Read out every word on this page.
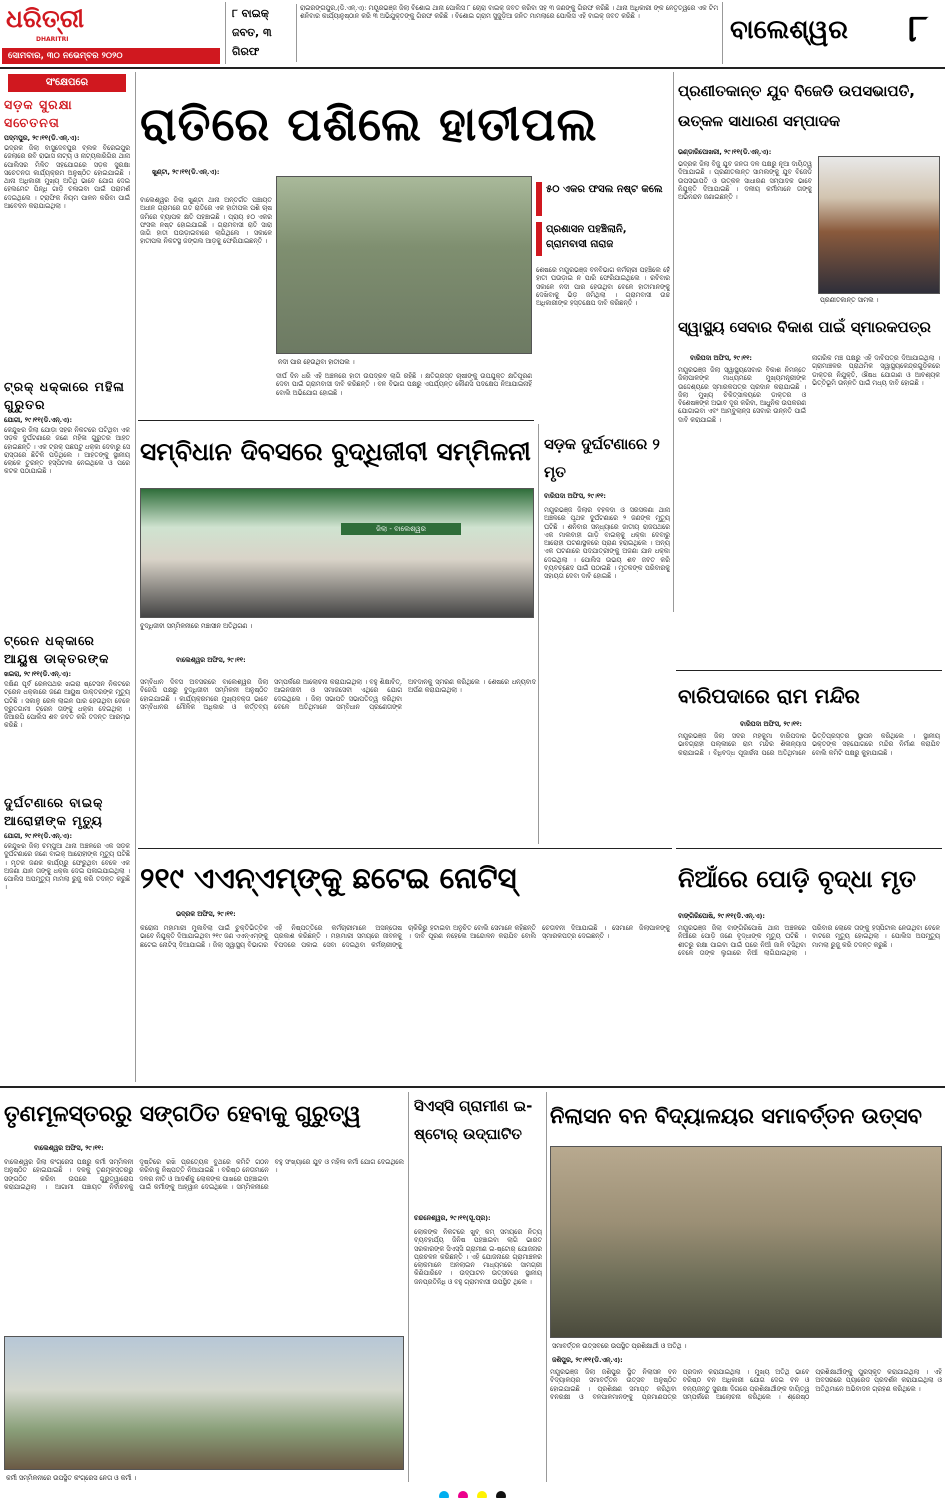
ଧରିତ୍ରୀ
DHARITRI
ସୋମବାର, ୩୦ ନଭେମ୍ବର ୨୦୨୦
୮ ବାଇକ୍ ଜବତ, ୩ ଗିରଫ
ରାଇରଙ୍ଗପୁର,(ଡି.ଏନ୍.ଏ): ମୟୂରଭଞ୍ଜ ଜିଲା ବିଶୋଇ ଥାନା ପୋଲିସ ୮ ଚୋରା ବାଇକ୍ ଜବତ କରିବା ସହ ୩ ଜଣଙ୍କୁ ଗିରଫ କରିଛି । ଥାନା ଅଧିକାରୀ ଙ୍କ ନେତୃତ୍ୱରେ ଏକ ଟିମ ଶନିବାର କାର୍ଯ୍ୟାନୁଷ୍ଠାନ କରି ୩ ଅଭିଯୁକ୍ତଙ୍କୁ ଗିରଫ କରିଛି । ବିଶୋଇ ଗ୍ରାମ ସୁଜୁଡ଼ିଆ ଜନିତ ମାମଲାରେ ପୋଲିସ ଏହି ବାଇକ୍ ଜବତ କରିଛି ।	ବାଲେଶ୍ୱର	୮
ସଂକ୍ଷେପରେ
ସଡ଼କ ସୁରକ୍ଷା ସଚେତନତା
ପଦ୍ମପୁର, ୨୯।୧୧(ଡି.ଏନ୍.ଏ):
ଭଦ୍ରକ ଜିଲା ବାସୁଦେବପୁର ବ୍ଲକ ବିରେଇପୁର ଜେଲାରେ ରବି ରାଭାସ ନାଟ୍ୟ ଓ ନାଟ୍ୟକାରିଗିର ଥାନା ପୋଲିସର ମିଳିତ ସହଯୋଗରେ ସଡ଼କ ସୁରକ୍ଷା ସଚେତନତା କାର୍ଯ୍ୟକ୍ରମ ଅନୁଷ୍ଠିତ ହୋଇଯାଇଛି । ଥାନା ଅଧିକାରୀ ମୁଖ୍ୟ ଅତିଥି ଭାବେ ଯୋଗ ଦେଇ ହେଲମେଟ ପିନ୍ଧି ଗାଡ଼ି ଚଳାଇବା ପାଇଁ ପରାମର୍ଶ ଦେଇଥିଲେ । ଟ୍ରାଫିକ ନିୟମ ପାଳନ କରିବା ପାଇଁ ଆବେଦନ କରାଯାଇଥିଲା ।
ଟ୍ରକ୍ ଧକ୍କାରେ ମହିଳା ଗୁରୁତର
ଯୋଗୀ, ୨୯।୧୧(ଡି.ଏନ୍.ଏ):
କେନ୍ଦୁଝର ଜିଲା ଯୋଡ଼ା ସହର ନିକଟରେ ଘଟିଥିବା ଏକ ସଡ଼କ ଦୁର୍ଘଟଣାରେ ଜଣେ ମହିଳା ଗୁରୁତର ଆହତ ହୋଇଛନ୍ତି । ଏକ ଟ୍ରକ୍ ପଛପଟୁ ଧକ୍କା ଦେବାରୁ ସେ ରାସ୍ତାରେ ଛିଟିକି ପଡ଼ିଥିଲେ । ଆହତଙ୍କୁ ସ୍ଥାନୀୟ ଲୋକେ ତୁରନ୍ତ ହସ୍ପିଟାଲ ନେଇଥିଲେ ଓ ପରେ କଟକ ପଠାଯାଇଛି ।
ଟ୍ରେନ ଧକ୍କାରେ ଆୟୁଷ ଡାକ୍ତରଙ୍କ
ଖଇରା, ୨୯।୧୧(ଡି.ଏନ୍.ଏ):
ଦକ୍ଷିଣ ପୂର୍ବ ରେଳପଥର ଖଇରା ଷ୍ଟେସନ ନିକଟରେ ଟ୍ରେନ ଧକ୍କାରେ ଜଣେ ଆୟୁଷ ଡାକ୍ତରଙ୍କ ମୃତ୍ୟୁ ଘଟିଛି । ସକାଳୁ ରେଳ ଲାଇନ ପାର ହେଉଥିବା ବେଳେ ଦ୍ରୁତଗାମୀ ଟ୍ରେନ ତାଙ୍କୁ ଧକ୍କା ଦେଇଥିଲା । ଜିଆରପି ପୋଲିସ ଶବ ଜବତ କରି ତଦନ୍ତ ଆରମ୍ଭ କରିଛି ।
ଦୁର୍ଘଟଣାରେ ବାଇକ୍ ଆରୋହୀଙ୍କ ମୃତ୍ୟୁ
ଯୋଗୀ, ୨୯।୧୧(ଡି.ଏନ୍.ଏ):
କେନ୍ଦୁଝର ଜିଲା ଚମ୍ପୁଆ ଥାନା ଅଞ୍ଚଳରେ ଏକ ସଡ଼କ ଦୁର୍ଘଟଣାରେ ଜଣେ ବାଇକ୍ ଆରୋହୀଙ୍କ ମୃତ୍ୟୁ ଘଟିଛି । ମୃତକ ଜଣକ କାର୍ଯ୍ୟରୁ ଫେରୁଥିବା ବେଳେ ଏକ ଅଜଣା ଯାନ ତାଙ୍କୁ ଧକ୍କା ଦେଇ ପଳାଇଯାଇଥିଲା । ପୋଲିସ ଅପମୃତ୍ୟୁ ମାମଲା ରୁଜୁ କରି ତଦନ୍ତ କରୁଛି ।
ରାତିରେ ପଶିଲେ ହାତୀପଲ
ଖୁଣ୍ଟା, ୨୯।୧୧(ଡି.ଏନ୍.ଏ):
ନଦୀ ପାର ହେଉଥିବା ହାତୀପଲ ।
ବାଲେଶ୍ୱର ଜିଲା ଖୁଣ୍ଟା ଥାନା ଅନ୍ତର୍ଗତ ପଞ୍ଚାୟତ ଅଧୀନ ଗ୍ରାମରେ ଗତ ରାତିରେ ଏକ ହାତୀପଲ ପଶି ଚାଷ ଜମିରେ ବ୍ୟାପକ କ୍ଷତି ପହଞ୍ଚାଇଛି । ପ୍ରାୟ ୫୦ ଏକର ଫସଲ ନଷ୍ଟ ହୋଇଯାଇଛି । ଗ୍ରାମବାସୀ ରାତି ସାରା ଜାଗି ହାତୀ ଘଉଡ଼ାଇବାରେ ଲାଗିଥିଲେ । ସକାଳେ ହାତୀପଲ ନିକଟସ୍ଥ ଜଙ୍ଗଲ ଆଡ଼କୁ ଫେରିଯାଇଛନ୍ତି ।
ଦୀର୍ଘ ଦିନ ଧରି ଏହି ଅଞ୍ଚଳରେ ହାତୀ ଉପଦ୍ରବ ଲାଗି ରହିଛି । କ୍ଷତିଗ୍ରସ୍ତ ଚାଷୀଙ୍କୁ ଉପଯୁକ୍ତ କ୍ଷତିପୂରଣ ଦେବା ପାଇଁ ଗ୍ରାମବାସୀ ଦାବି କରିଛନ୍ତି । ବନ ବିଭାଗ ପକ୍ଷରୁ ଏପର୍ଯ୍ୟନ୍ତ କୌଣସି ପଦକ୍ଷେପ ନିଆଯାଇନାହିଁ ବୋଲି ଅଭିଯୋଗ ହୋଇଛି ।
୫୦ ଏକର ଫସଲ ନଷ୍ଟ କଲେ
ପ୍ରଶାସନ ପହଞ୍ଚିଲାନି, ଗ୍ରାମବାସୀ ନାରାଜ
ଶେଷରେ ମୟୂରଭଞ୍ଜ ବନବିଭାଗ କର୍ମଚାରୀ ପହଞ୍ଚିଲେ ହେଁ ହାତୀ ଘଉଡ଼ାଇ ନ ପାରି ଫେରିଯାଇଥିଲେ । ରବିବାର ସକାଳେ ନଦୀ ପାର ହେଉଥିବା ବେଳେ ହାତୀମାନଙ୍କୁ ଦେଖିବାକୁ ଭିଡ଼ ଜମିଥିଲା । ଗ୍ରାମବାସୀ ଉଚ୍ଚ ଅଧିକାରୀଙ୍କ ହସ୍ତକ୍ଷେପ ଦାବି କରିଛନ୍ତି ।
ପ୍ରଣୀତକାନ୍ତ ଯୁବ ବିଜେଡି ଉପସଭାପତି, ଉତ୍କଳ ସାଧାରଣ ସମ୍ପାଦକ
ଭଣ୍ଡାରିପୋଖରୀ, ୨୯।୧୧(ଡି.ଏନ୍.ଏ):
ଭଦ୍ରକ ଜିଲା ବିଜୁ ଯୁବ ଜନତା ଦଳ ପକ୍ଷରୁ ନୂଆ ଦାୟିତ୍ୱ ଦିଆଯାଇଛି । ପ୍ରଣୀତକାନ୍ତ ସାମଲଙ୍କୁ ଯୁବ ବିଜେଡି ଉପସଭାପତି ଓ ଉତ୍କଳ ସାଧାରଣ ସମ୍ପାଦକ ଭାବେ ନିଯୁକ୍ତି ଦିଆଯାଇଛି । ଦଳୀୟ କର୍ମୀମାନେ ତାଙ୍କୁ ଅଭିନନ୍ଦନ ଜଣାଇଛନ୍ତି ।
ପ୍ରଣୀତକାନ୍ତ ସାମଲ ।
ସ୍ୱାସ୍ଥ୍ୟ ସେବାର ବିକାଶ ପାଇଁ ସ୍ମାରକପତ୍ର
ବାରିପଦା ଅଫିସ, ୨୯।୧୧:
ମୟୂରଭଞ୍ଜ ଜିଲା ସ୍ୱାସ୍ଥ୍ୟସେବାର ବିକାଶ ନିମନ୍ତେ ଜିଲାପାଳଙ୍କ ମାଧ୍ୟମରେ ମୁଖ୍ୟମନ୍ତ୍ରୀଙ୍କ ଉଦ୍ଦେଶ୍ୟରେ ସ୍ମାରକପତ୍ର ପ୍ରଦାନ କରାଯାଇଛି । ଜିଲା ମୁଖ୍ୟ ଚିକିତ୍ସାଳୟରେ ଡାକ୍ତର ଓ ବିଶେଷଜ୍ଞଙ୍କ ଅଭାବ ଦୂର କରିବା, ଆଧୁନିକ ଉପକରଣ ଯୋଗାଇବା ଏବଂ ଆମ୍ବୁଲାନ୍ସ ସେବାର ଉନ୍ନତି ପାଇଁ ଦାବି କରାଯାଇଛି ।
ନାଗରିକ ମଞ୍ଚ ପକ୍ଷରୁ ଏହି ଦାବିପତ୍ର ଦିଆଯାଇଥିଲା । ଗ୍ରାମାଞ୍ଚଳର ପ୍ରାଥମିକ ସ୍ୱାସ୍ଥ୍ୟକେନ୍ଦ୍ରଗୁଡ଼ିକରେ ଡାକ୍ତର ନିଯୁକ୍ତି, ଔଷଧ ଯୋଗାଣ ଓ ଆବଶ୍ୟକ ଭିତ୍ତିଭୂମି ଉନ୍ନତି ପାଇଁ ମଧ୍ୟ ଦାବି ହୋଇଛି ।
ସମ୍ବିଧାନ ଦିବସରେ ବୁଦ୍ଧିଜୀବୀ ସମ୍ମିଳନୀ
ଜିଲା - ବାଲେଶ୍ୱର
ବୁଦ୍ଧିଜୀବୀ ସମ୍ମିଳନୀରେ ମଞ୍ଚାସୀନ ଅତିଥିଗଣ ।
ବାଲେଶ୍ୱର ଅଫିସ, ୨୯।୧୧:
ସମ୍ବିଧାନ ଦିବସ ଅବସରରେ ବାଲେଶ୍ୱର ଜିଲା ବିଜେପି ପକ୍ଷରୁ ବୁଦ୍ଧିଜୀବୀ ସମ୍ମିଳନୀ ଅନୁଷ୍ଠିତ ହୋଇଯାଇଛି । କାର୍ଯ୍ୟକ୍ରମରେ ମୁଖ୍ୟବକ୍ତା ଭାବେ ସମ୍ବିଧାନର ମୌଳିକ ଅଧିକାର ଓ କର୍ତ୍ତବ୍ୟ ସମ୍ପର୍କରେ ଆଲୋଚନା କରାଯାଇଥିଲା । ବହୁ ଶିକ୍ଷାବିତ୍, ଆଇନଜୀବୀ ଓ ସମାଜସେବୀ ଏଥିରେ ଯୋଗ ଦେଇଥିଲେ । ଜିଲା ସଭାପତି ସଭାପତିତ୍ୱ କରିଥିବା ବେଳେ ଅତିଥିମାନେ ସମ୍ବିଧାନ ପ୍ରଣେତାଙ୍କ ଅବଦାନକୁ ସ୍ମରଣ କରିଥିଲେ । ଶେଷରେ ଧନ୍ୟବାଦ ଅର୍ପଣ କରାଯାଇଥିଲା ।
ସଡ଼କ ଦୁର୍ଘଟଣାରେ ୨ ମୃତ
ବାରିପଦା ଅଫିସ, ୨୯।୧୧:
ମୟୂରଭଞ୍ଜ ଜିଲାର ବହଳଦା ଓ ସରସକଣା ଥାନା ଅଞ୍ଚଳରେ ପୃଥକ ଦୁର୍ଘଟଣାରେ ୨ ଜଣଙ୍କ ମୃତ୍ୟୁ ଘଟିଛି । ଶନିବାର ସନ୍ଧ୍ୟାରେ ଜାତୀୟ ରାଜପଥରେ ଏକ ମାଲବାହୀ ଗାଡ଼ି ବାଇକ୍କୁ ଧକ୍କା ଦେବାରୁ ଆରୋହୀ ଘଟଣାସ୍ଥଳରେ ପ୍ରାଣ ହରାଇଥିଲେ । ଅନ୍ୟ ଏକ ଘଟଣାରେ ପଦଯାତ୍ରୀଙ୍କୁ ଅଜଣା ଯାନ ଧକ୍କା ଦେଇଥିଲା । ପୋଲିସ ଉଭୟ ଶବ ଜବତ କରି ବ୍ୟବଚ୍ଛେଦ ପାଇଁ ପଠାଇଛି । ମୃତକଙ୍କ ପରିବାରକୁ ସହାୟତା ଦେବା ଦାବି ହୋଇଛି ।
ବାରିପଦାରେ ରାମ ମନ୍ଦିର
ବାରିପଦା ଅଫିସ, ୨୯।୧୧:
ମୟୂରଭଞ୍ଜ ଜିଲା ସଦର ମହକୁମା ବାରିପଦାର ଭାବଗ୍ରାହୀ ପଲ୍ଲୀରେ ରାମ ମନ୍ଦିର ଶିଳାନ୍ୟାସ କରାଯାଇଛି । ବିଧିବଦ୍ଧ ପୂଜାର୍ଚ୍ଚନା ପରେ ଅତିଥିମାନେ ଭିତ୍ତିପ୍ରସ୍ତର ସ୍ଥାପନ କରିଥିଲେ । ସ୍ଥାନୀୟ ଭକ୍ତଙ୍କ ସହଯୋଗରେ ମନ୍ଦିର ନିର୍ମାଣ କରାଯିବ ବୋଲି କମିଟି ପକ୍ଷରୁ କୁହାଯାଇଛି ।
୨୧୯ ଏଏନ୍ଏମ୍ଙ୍କୁ ଛଟେଇ ନୋଟିସ୍
ଭଦ୍ରକ ଅଫିସ, ୨୯।୧୧:
କରୋନା ମହାମାରୀ ମୁକାବିଲା ପାଇଁ ଚୁକ୍ତିଭିତ୍ତିକ ଭାବେ ନିଯୁକ୍ତି ଦିଆଯାଇଥିବା ୨୧୯ ଜଣ ଏଏନ୍ଏମ୍ଙ୍କୁ ଛଟେଇ ନୋଟିସ୍ ଦିଆଯାଇଛି । ଜିଲା ସ୍ୱାସ୍ଥ୍ୟ ବିଭାଗର ଏହି ନିଷ୍ପତ୍ତିରେ କର୍ମଚାରୀମାନେ ଅସନ୍ତୋଷ ପ୍ରକାଶ କରିଛନ୍ତି । ମହାମାରୀ ସମୟରେ ଜୀବନକୁ ବିପଦରେ ପକାଇ ସେବା ଦେଇଥିବା କର୍ମଚାରୀଙ୍କୁ ଚାକିରିରୁ ହଟାଇବା ଅନୁଚିତ ବୋଲି ସେମାନେ କହିଛନ୍ତି । ଦାବି ପୂରଣ ନହେଲେ ଆନ୍ଦୋଳନ କରାଯିବ ବୋଲି ଚେତାବନୀ ଦିଆଯାଇଛି । ସେମାନେ ଜିଲାପାଳଙ୍କୁ ସ୍ମାରକପତ୍ର ଦେଇଛନ୍ତି ।
ନିଆଁରେ ପୋଡ଼ି ବୃଦ୍ଧା ମୃତ
ବାଙ୍ଗିରିପୋଷି, ୨୯।୧୧(ଡି.ଏନ୍.ଏ):
ମୟୂରଭଞ୍ଜ ଜିଲା ବାଙ୍ଗିରିପୋଷି ଥାନା ଅଞ୍ଚଳରେ ନିଆଁରେ ପୋଡ଼ି ଜଣେ ବୃଦ୍ଧାଙ୍କ ମୃତ୍ୟୁ ଘଟିଛି । ଶୀତରୁ ରକ୍ଷା ପାଇବା ପାଇଁ ଘରେ ନିଆଁ ଜାଳି ବସିଥିବା ବେଳେ ତାଙ୍କ ଲୁଗାରେ ନିଆଁ ଲାଗିଯାଇଥିଲା । ପରିବାର ଲୋକେ ତାଙ୍କୁ ହସ୍ପିଟାଲ ନେଉଥିବା ବେଳେ ବାଟରେ ମୃତ୍ୟୁ ହୋଇଥିଲା । ପୋଲିସ ଅପମୃତ୍ୟୁ ମାମଲା ରୁଜୁ କରି ତଦନ୍ତ କରୁଛି ।
ତୃଣମୂଳସ୍ତରରୁ ସଙ୍ଗଠିତ ହେବାକୁ ଗୁରୁତ୍ୱ
ବାଲେଶ୍ୱର ଅଫିସ, ୨୯।୧୧:
ବାଲେଶ୍ୱର ଜିଲା କଂଗ୍ରେସ ପକ୍ଷରୁ କର୍ମୀ ସମ୍ମିଳନୀ ଅନୁଷ୍ଠିତ ହୋଇଯାଇଛି । ଦଳକୁ ତୃଣମୂଳସ୍ତରରୁ ସଙ୍ଗଠିତ କରିବା ଉପରେ ଗୁରୁତ୍ୱାରୋପ କରାଯାଇଥିଲା । ଆଗାମୀ ପଞ୍ଚାୟତ ନିର୍ବାଚନକୁ ଦୃଷ୍ଟିରେ ରଖି ପ୍ରତ୍ୟେକ ବୁଥରେ କମିଟି ଗଠନ କରିବାକୁ ନିଷ୍ପତ୍ତି ନିଆଯାଇଛି । ବରିଷ୍ଠ ନେତାମାନେ ଦଳର ନୀତି ଓ ଆଦର୍ଶକୁ ଲୋକଙ୍କ ପାଖରେ ପହଞ୍ଚାଇବା ପାଇଁ କର୍ମୀଙ୍କୁ ଆହ୍ୱାନ ଦେଇଥିଲେ । ସମ୍ମିଳନୀରେ ବହୁ ସଂଖ୍ୟାରେ ଯୁବ ଓ ମହିଳା କର୍ମୀ ଯୋଗ ଦେଇଥିଲେ ।
କର୍ମୀ ସମ୍ମିଳନୀରେ ଉପସ୍ଥିତ କଂଗ୍ରେସ ନେତା ଓ କର୍ମୀ ।
ସିଏସ୍‌ସି ଗ୍ରାମୀଣ ଇ-ଷ୍ଟୋର୍ ଉଦ୍‌ଘାଟିତ
ଚନ୍ଦନେଶ୍ୱର, ୨୯।୧୧(ସୂ.ପ୍ର):
ଲୋକଙ୍କ ନିକଟରେ ଖୁବ୍ କମ୍ ସମୟରେ ନିତ୍ୟ ବ୍ୟବହାର୍ଯ୍ୟ ଜିନିଷ ପହଞ୍ଚାଇବା ଲାଗି ଭାରତ ସରକାରଙ୍କ ସିଏସ୍‌ସି ଗ୍ରାମୀଣ ଇ-ଷ୍ଟୋର୍ ଯୋଜନାର ପ୍ରଚଳନ କରିଛନ୍ତି । ଏହି ଯୋଜନାରେ ଗ୍ରାମାଞ୍ଚଳର ଲୋକମାନେ ଅନଲାଇନ ମାଧ୍ୟମରେ ସାମଗ୍ରୀ କିଣିପାରିବେ । ଉଦ୍‌ଘାଟନ ଉତ୍ସବରେ ସ୍ଥାନୀୟ ଜନପ୍ରତିନିଧି ଓ ବହୁ ଗ୍ରାମବାସୀ ଉପସ୍ଥିତ ଥିଲେ ।
ନିଲାସନ ବନ ବିଦ୍ୟାଳୟର ସମାବର୍ତ୍ତନ ଉତ୍ସବ
ସମାବର୍ତ୍ତନ ଉତ୍ସବରେ ଉପସ୍ଥିତ ପ୍ରଶିକ୍ଷାର୍ଥୀ ଓ ଅତିଥି ।
ଜଶିପୁର, ୨୯।୧୧(ଡି.ଏନ୍.ଏ):
ମୟୂରଭଞ୍ଜ ଜିଲା ଜଶିପୁର ସ୍ଥିତ ନିଲାସନ ବନ ବିଦ୍ୟାଳୟର ସମାବର୍ତ୍ତନ ଉତ୍ସବ ଅନୁଷ୍ଠିତ ହୋଇଯାଇଛି । ପ୍ରଶିକ୍ଷଣ ସମାପ୍ତ କରିଥିବା ବନରକ୍ଷୀ ଓ ବନପାଳମାନଙ୍କୁ ପ୍ରମାଣପତ୍ର ପ୍ରଦାନ କରାଯାଇଥିଲା । ମୁଖ୍ୟ ଅତିଥି ଭାବେ ବରିଷ୍ଠ ବନ ଅଧିକାରୀ ଯୋଗ ଦେଇ ବନ ଓ ବନ୍ୟଜନ୍ତୁ ସୁରକ୍ଷା ଦିଗରେ ପ୍ରଶିକ୍ଷାର୍ଥୀଙ୍କ ଦାୟିତ୍ୱ ସମ୍ପର୍କରେ ଆଲୋଚନା କରିଥିଲେ । ଶ୍ରେଷ୍ଠ ପ୍ରଶିକ୍ଷାର୍ଥୀଙ୍କୁ ପୁରସ୍କୃତ କରାଯାଇଥିଲା । ଏହି ଅବସରରେ ପ୍ୟାରେଡ ପ୍ରଦର୍ଶନ କରାଯାଇଥିଲା ଓ ଅତିଥିମାନେ ଅଭିବାଦନ ଗ୍ରହଣ କରିଥିଲେ ।
